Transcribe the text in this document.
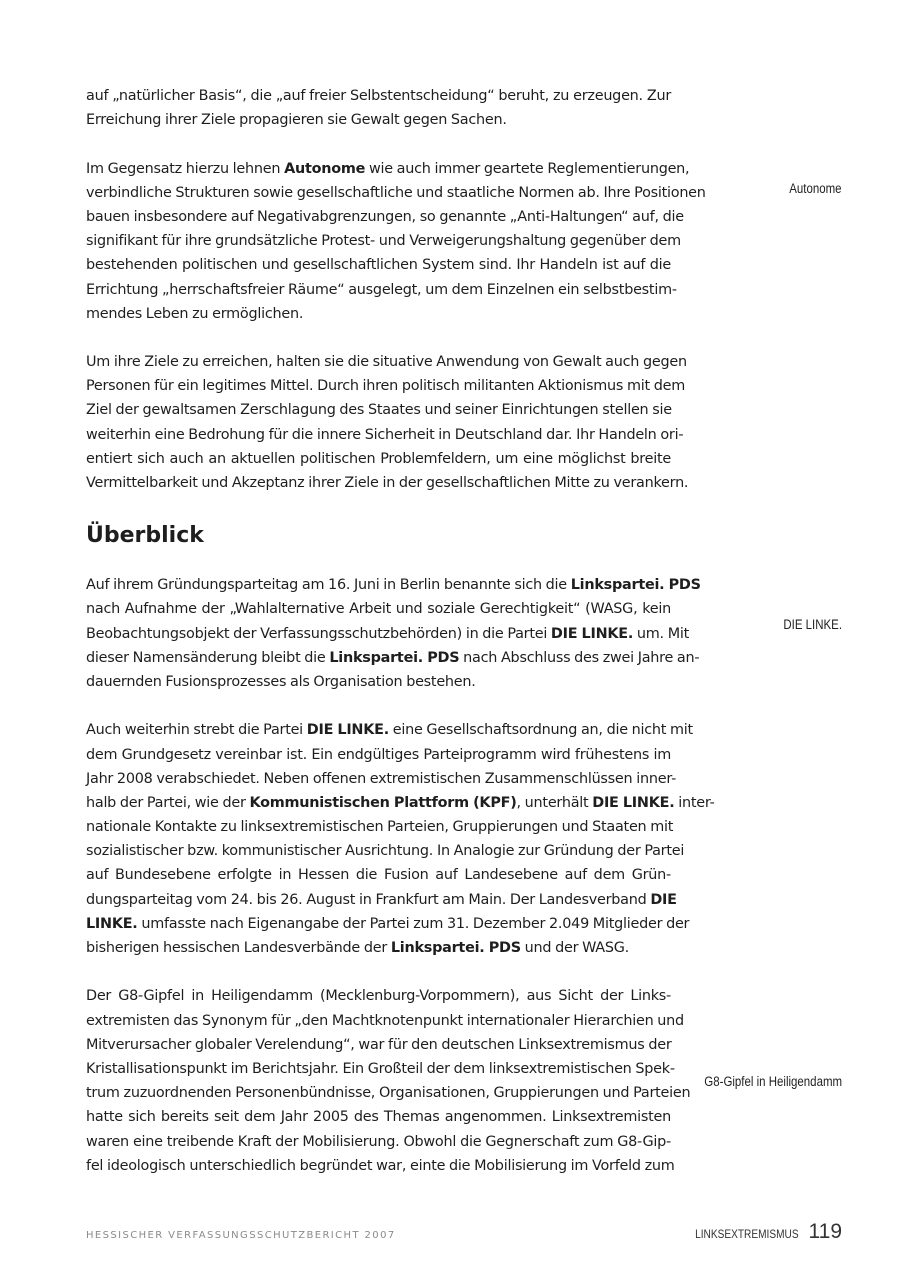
auf „natürlicher Basis“, die „auf freier Selbstentscheidung“ beruht, zu erzeugen. Zur
Erreichung ihrer Ziele propagieren sie Gewalt gegen Sachen.
Im Gegensatz hierzu lehnen Autonome wie auch immer geartete Reglementierungen,
verbindliche Strukturen sowie gesellschaftliche und staatliche Normen ab. Ihre Positionen
bauen insbesondere auf Negativabgrenzungen, so genannte „Anti-Haltungen“ auf, die
signifikant für ihre grundsätzliche Protest- und Verweigerungshaltung gegenüber dem
bestehenden politischen und gesellschaftlichen System sind. Ihr Handeln ist auf die
Errichtung „herrschaftsfreier Räume“ ausgelegt, um dem Einzelnen ein selbstbestim-
mendes Leben zu ermöglichen.
Um ihre Ziele zu erreichen, halten sie die situative Anwendung von Gewalt auch gegen
Personen für ein legitimes Mittel. Durch ihren politisch militanten Aktionismus mit dem
Ziel der gewaltsamen Zerschlagung des Staates und seiner Einrichtungen stellen sie
weiterhin eine Bedrohung für die innere Sicherheit in Deutschland dar. Ihr Handeln ori-
entiert sich auch an aktuellen politischen Problemfeldern, um eine möglichst breite
Vermittelbarkeit und Akzeptanz ihrer Ziele in der gesellschaftlichen Mitte zu verankern.
Überblick
Auf ihrem Gründungsparteitag am 16. Juni in Berlin benannte sich die Linkspartei. PDS
nach Aufnahme der „Wahlalternative Arbeit und soziale Gerechtigkeit“ (WASG, kein
Beobachtungsobjekt der Verfassungsschutzbehörden) in die Partei DIE LINKE. um. Mit
dieser Namensänderung bleibt die Linkspartei. PDS nach Abschluss des zwei Jahre an-
dauernden Fusionsprozesses als Organisation bestehen.
Auch weiterhin strebt die Partei DIE LINKE. eine Gesellschaftsordnung an, die nicht mit
dem Grundgesetz vereinbar ist. Ein endgültiges Parteiprogramm wird frühestens im
Jahr 2008 verabschiedet. Neben offenen extremistischen Zusammenschlüssen inner-
halb der Partei, wie der Kommunistischen Plattform (KPF), unterhält DIE LINKE. inter-
nationale Kontakte zu linksextremistischen Parteien, Gruppierungen und Staaten mit
sozialistischer bzw. kommunistischer Ausrichtung. In Analogie zur Gründung der Partei
auf Bundesebene erfolgte in Hessen die Fusion auf Landesebene auf dem Grün-
dungsparteitag vom 24. bis 26. August in Frankfurt am Main. Der Landesverband DIE
LINKE. umfasste nach Eigenangabe der Partei zum 31. Dezember 2.049 Mitglieder der
bisherigen hessischen Landesverbände der Linkspartei. PDS und der WASG.
Der G8-Gipfel in Heiligendamm (Mecklenburg-Vorpommern), aus Sicht der Links-
extremisten das Synonym für „den Machtknotenpunkt internationaler Hierarchien und
Mitverursacher globaler Verelendung“, war für den deutschen Linksextremismus der
Kristallisationspunkt im Berichtsjahr. Ein Großteil der dem linksextremistischen Spek-
trum zuzuordnenden Personenbündnisse, Organisationen, Gruppierungen und Parteien
hatte sich bereits seit dem Jahr 2005 des Themas angenommen. Linksextremisten
waren eine treibende Kraft der Mobilisierung. Obwohl die Gegnerschaft zum G8-Gip-
fel ideologisch unterschiedlich begründet war, einte die Mobilisierung im Vorfeld zum
Autonome
DIE LINKE.
G8-Gipfel in Heiligendamm
HESSISCHER VERFASSUNGSSCHUTZBERICHT 2007	LINKSEXTREMISMUS 119
